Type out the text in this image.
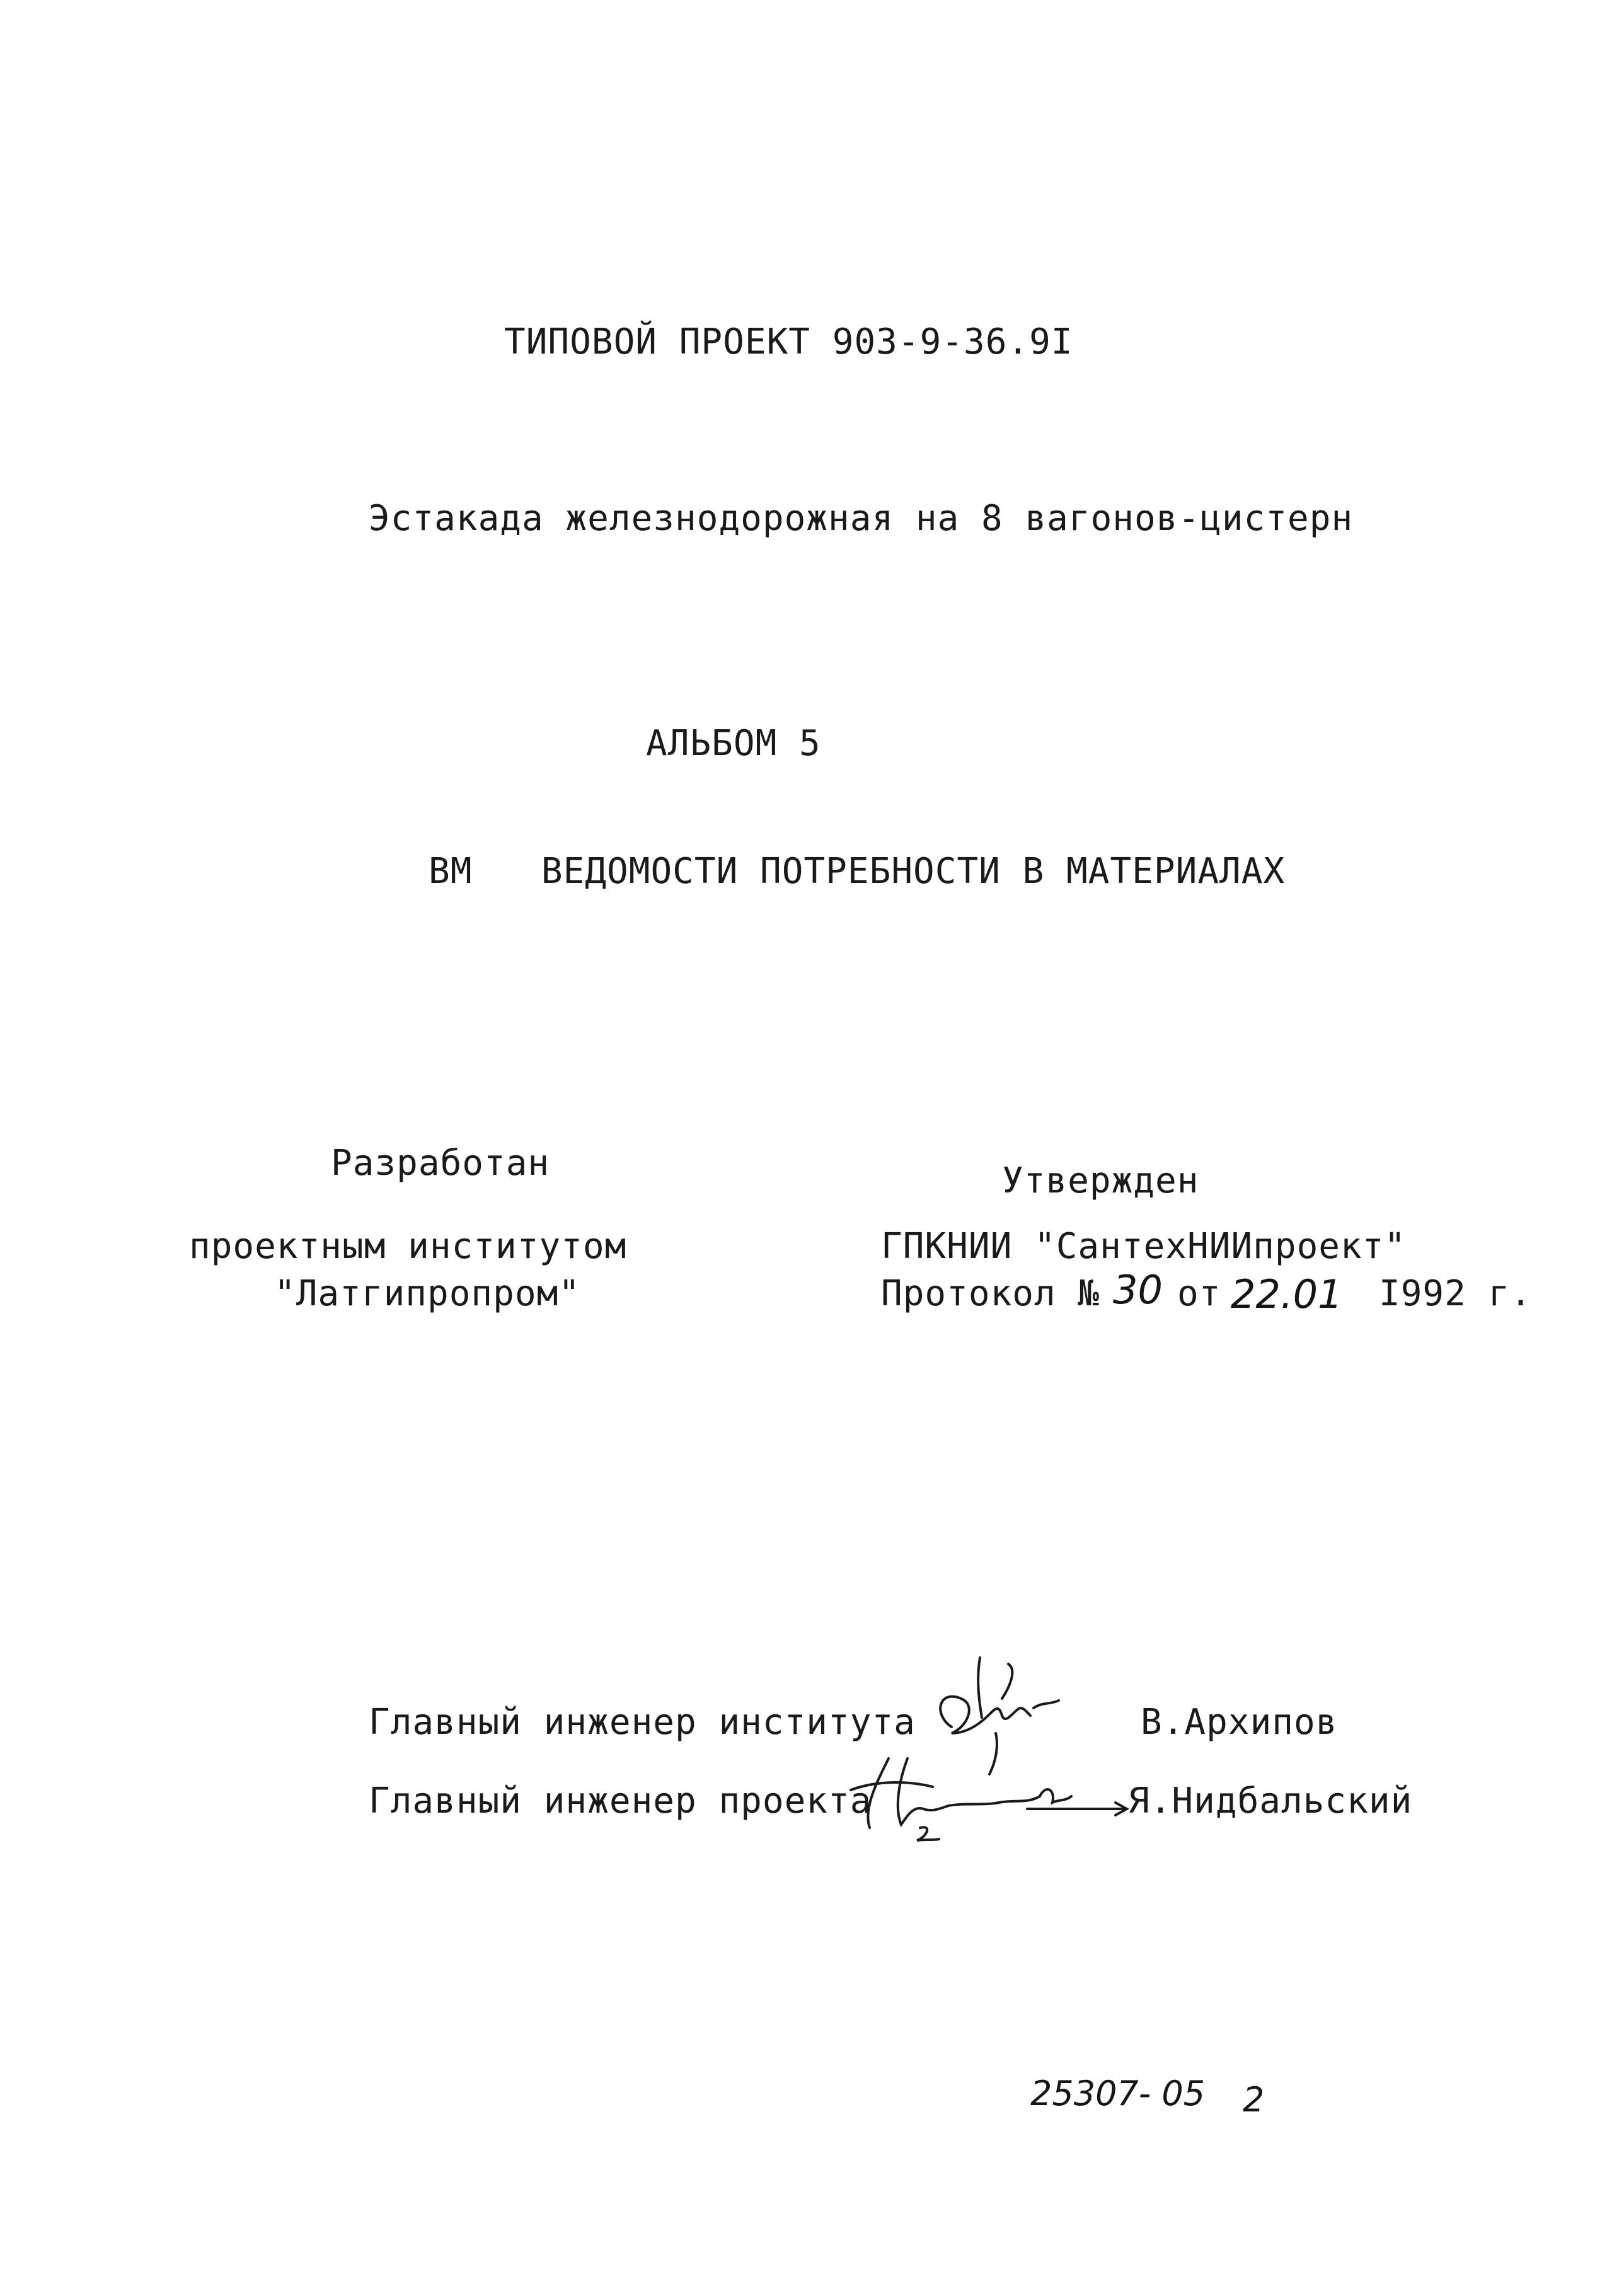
ТИПОВОЙ ПРОЕКТ 903-9-36.9I
Эстакада железнодорожная на 8 вагонов-цистерн
АЛЬБОМ 5
ВМ ВЕДОМОСТИ ПОТРЕБНОСТИ В МАТЕРИАЛАХ
Разработан
проектным институтом
"Латгипропром"
Утвержден
ГПКНИИ "СантехНИИпроект"
Протокол № 30 от 22.01 I992 г.
Главный инженер института	В.Архипов
Главный инженер проекта	Я.Нидбальский
25307- 05 2
